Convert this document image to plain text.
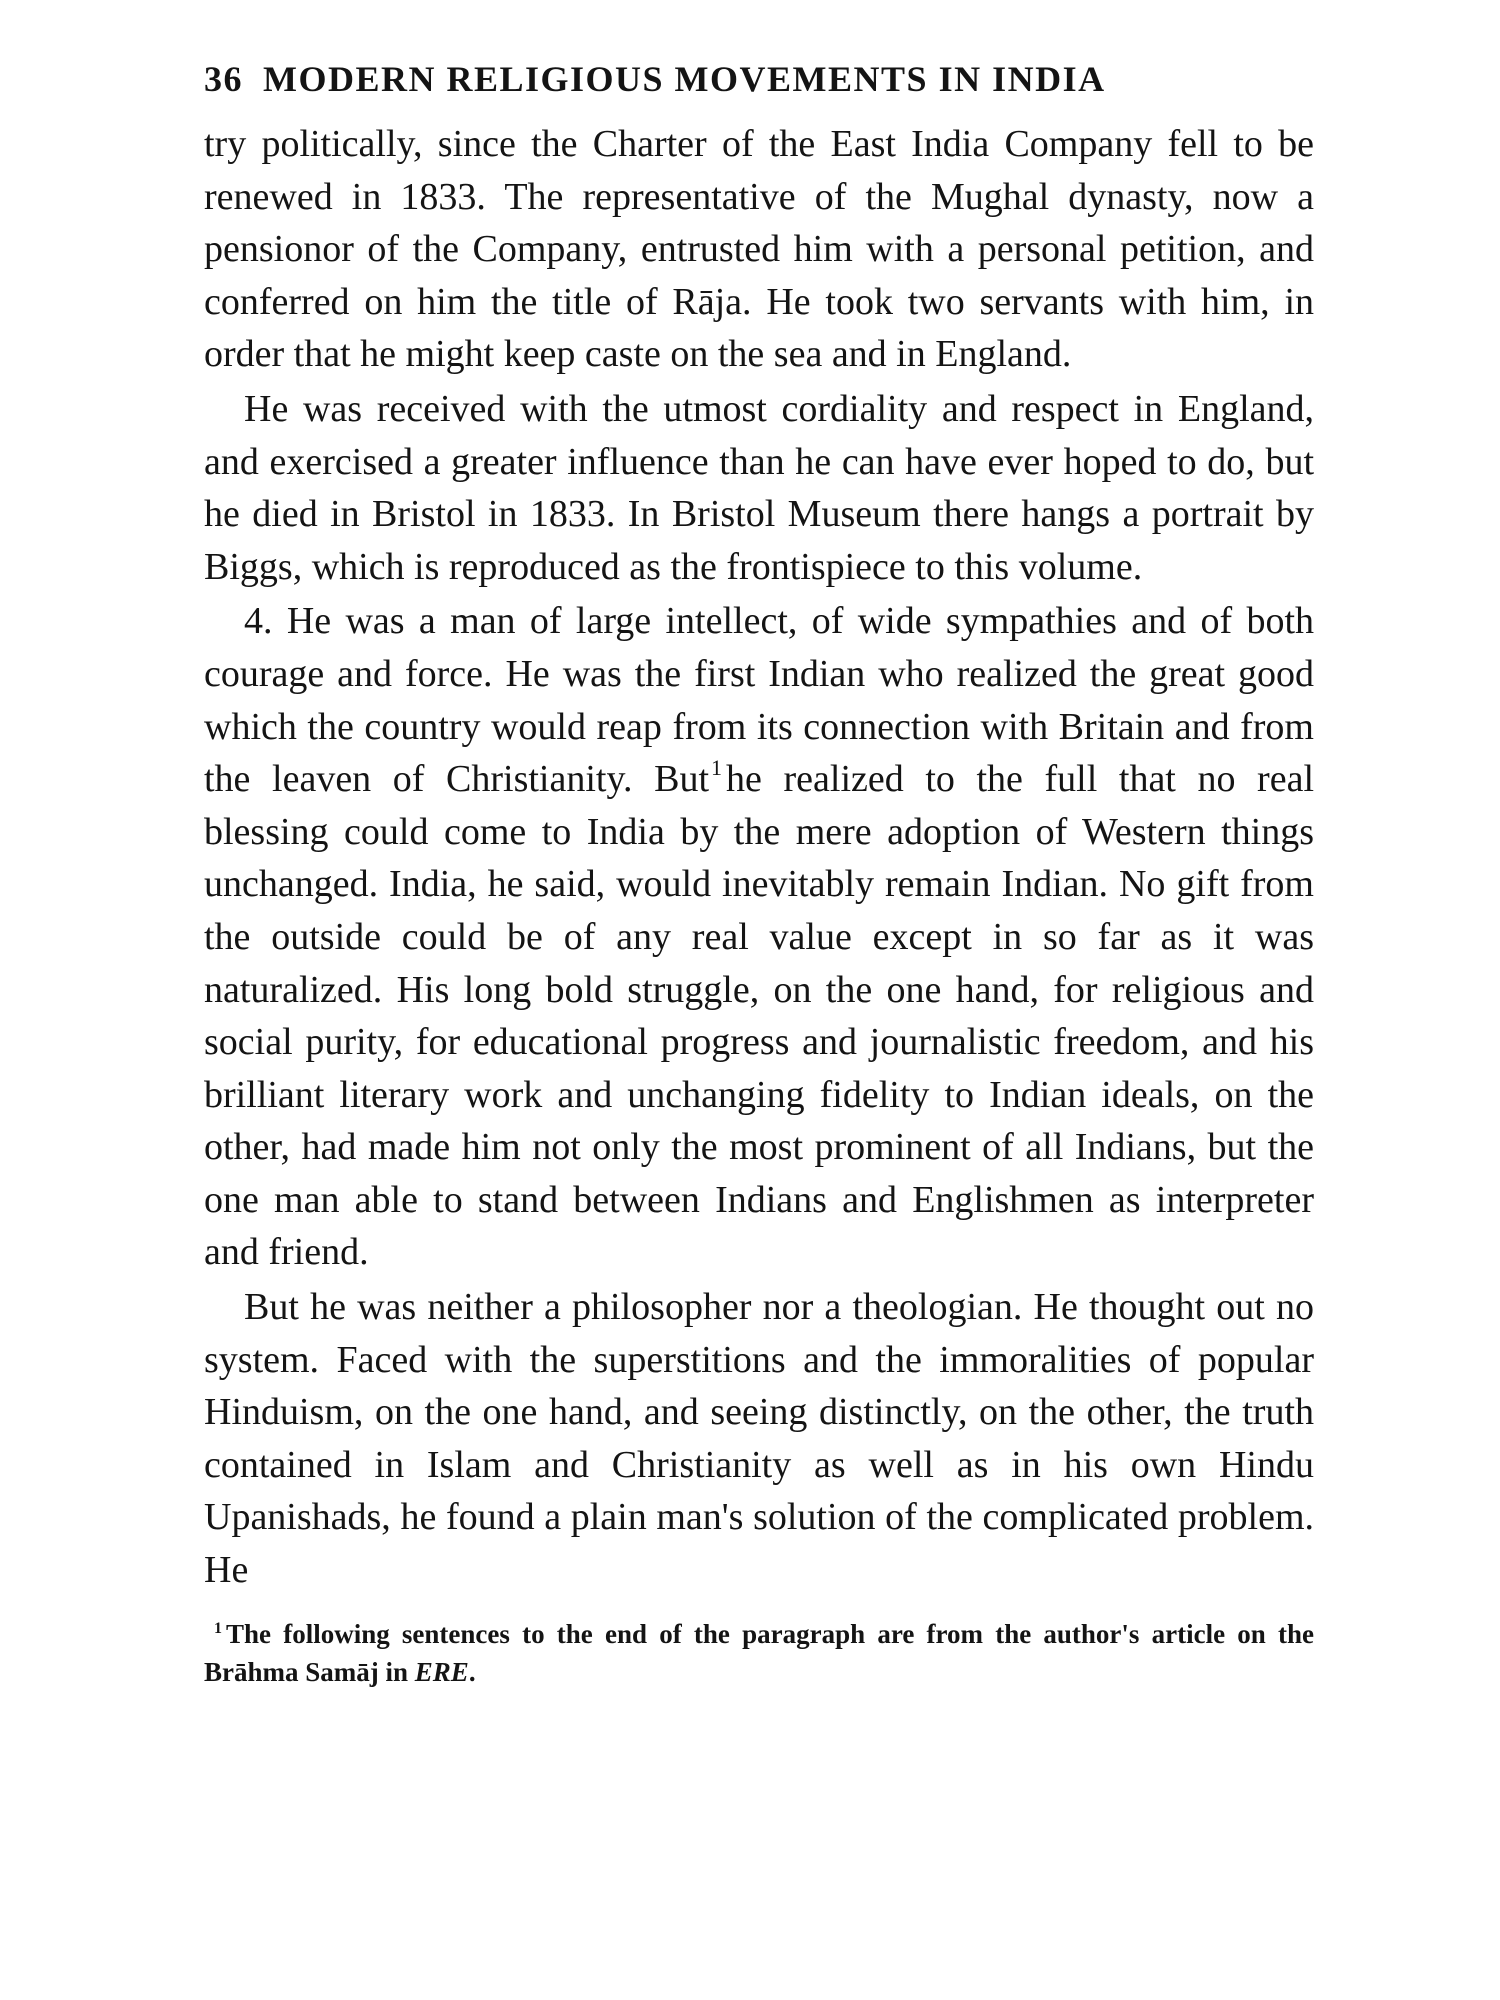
36 MODERN RELIGIOUS MOVEMENTS IN INDIA

try politically, since the Charter of the East India Company fell to be renewed in 1833. The representative of the Mughal dynasty, now a pensionor of the Company, entrusted him with a personal petition, and conferred on him the title of Rāja. He took two servants with him, in order that he might keep caste on the sea and in England.

He was received with the utmost cordiality and respect in England, and exercised a greater influence than he can have ever hoped to do, but he died in Bristol in 1833. In Bristol Museum there hangs a portrait by Biggs, which is reproduced as the frontispiece to this volume.

4. He was a man of large intellect, of wide sympathies and of both courage and force. He was the first Indian who realized the great good which the country would reap from its connection with Britain and from the leaven of Christianity. But$^1$ he realized to the full that no real blessing could come to India by the mere adoption of Western things unchanged. India, he said, would inevitably remain Indian. No gift from the outside could be of any real value except in so far as it was naturalized. His long bold struggle, on the one hand, for religious and social purity, for educational progress and journalistic freedom, and his brilliant literary work and unchanging fidelity to Indian ideals, on the other, had made him not only the most prominent of all Indians, but the one man able to stand between Indians and Englishmen as interpreter and friend.

But he was neither a philosopher nor a theologian. He thought out no system. Faced with the superstitions and the immoralities of popular Hinduism, on the one hand, and seeing distinctly, on the other, the truth contained in Islam and Christianity as well as in his own Hindu Upanishads, he found a plain man's solution of the complicated problem. He

$^1$ The following sentences to the end of the paragraph are from the author's article on the Brāhma Samāj in ERE.
